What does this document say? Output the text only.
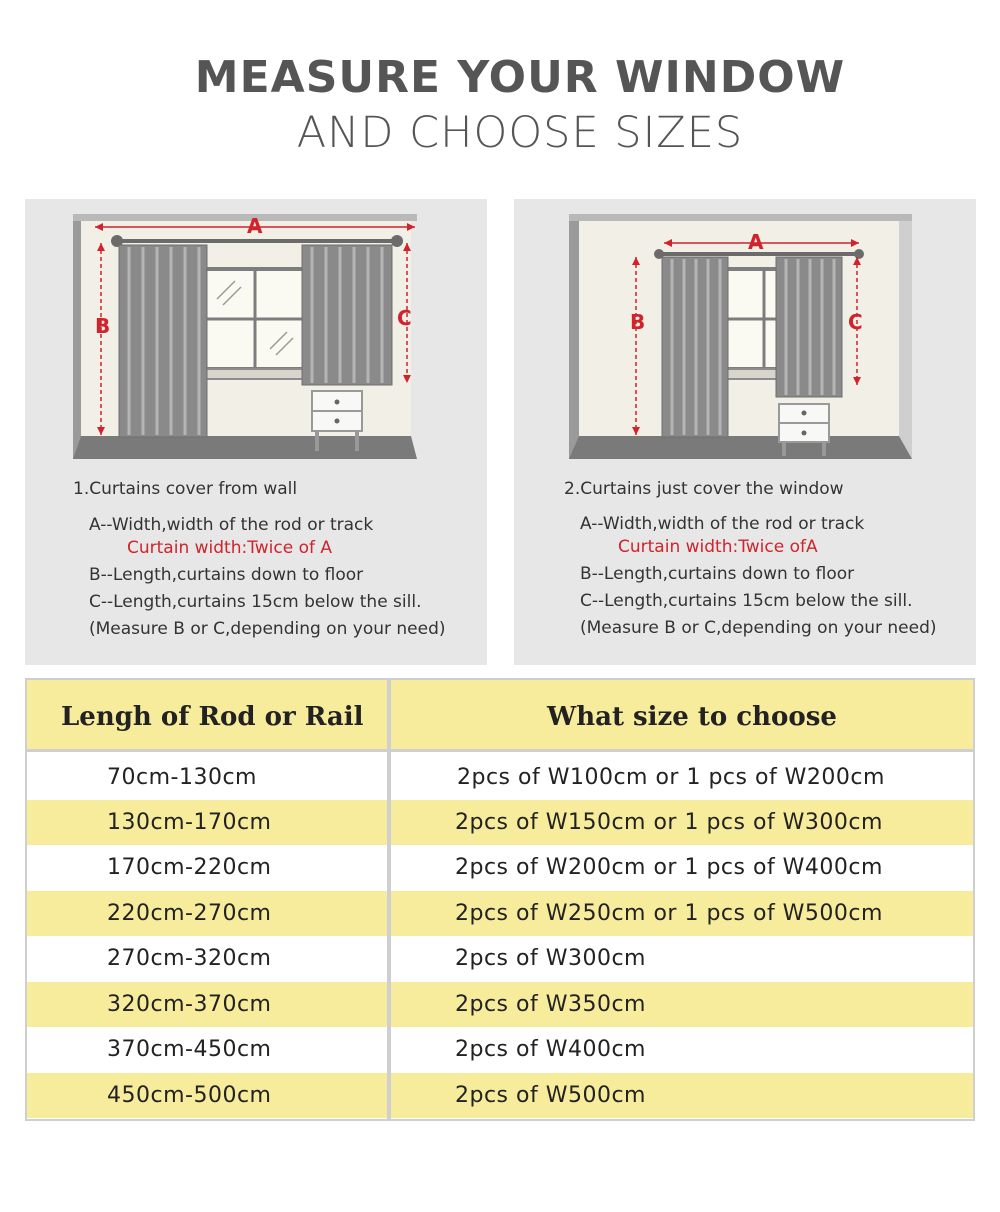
MEASURE YOUR WINDOW
AND CHOOSE SIZES
A
B	C
1.Curtains cover from wall
A--Width,width of the rod or track
Curtain width:Twice of A
B--Length,curtains down to floor
C--Length,curtains 15cm below the sill.
(Measure B or C,depending on your need)
A
B	C
2.Curtains just cover the window
A--Width,width of the rod or track
Curtain width:Twice ofA
B--Length,curtains down to floor
C--Length,curtains 15cm below the sill.
(Measure B or C,depending on your need)
Lengh of Rod or Rail	What size to choose
70cm-130cm	2pcs of W100cm or 1 pcs of W200cm
130cm-170cm	2pcs of W150cm or 1 pcs of W300cm
170cm-220cm	2pcs of W200cm or 1 pcs of W400cm
220cm-270cm	2pcs of W250cm or 1 pcs of W500cm
270cm-320cm	2pcs of W300cm
320cm-370cm	2pcs of W350cm
370cm-450cm	2pcs of W400cm
450cm-500cm	2pcs of W500cm
